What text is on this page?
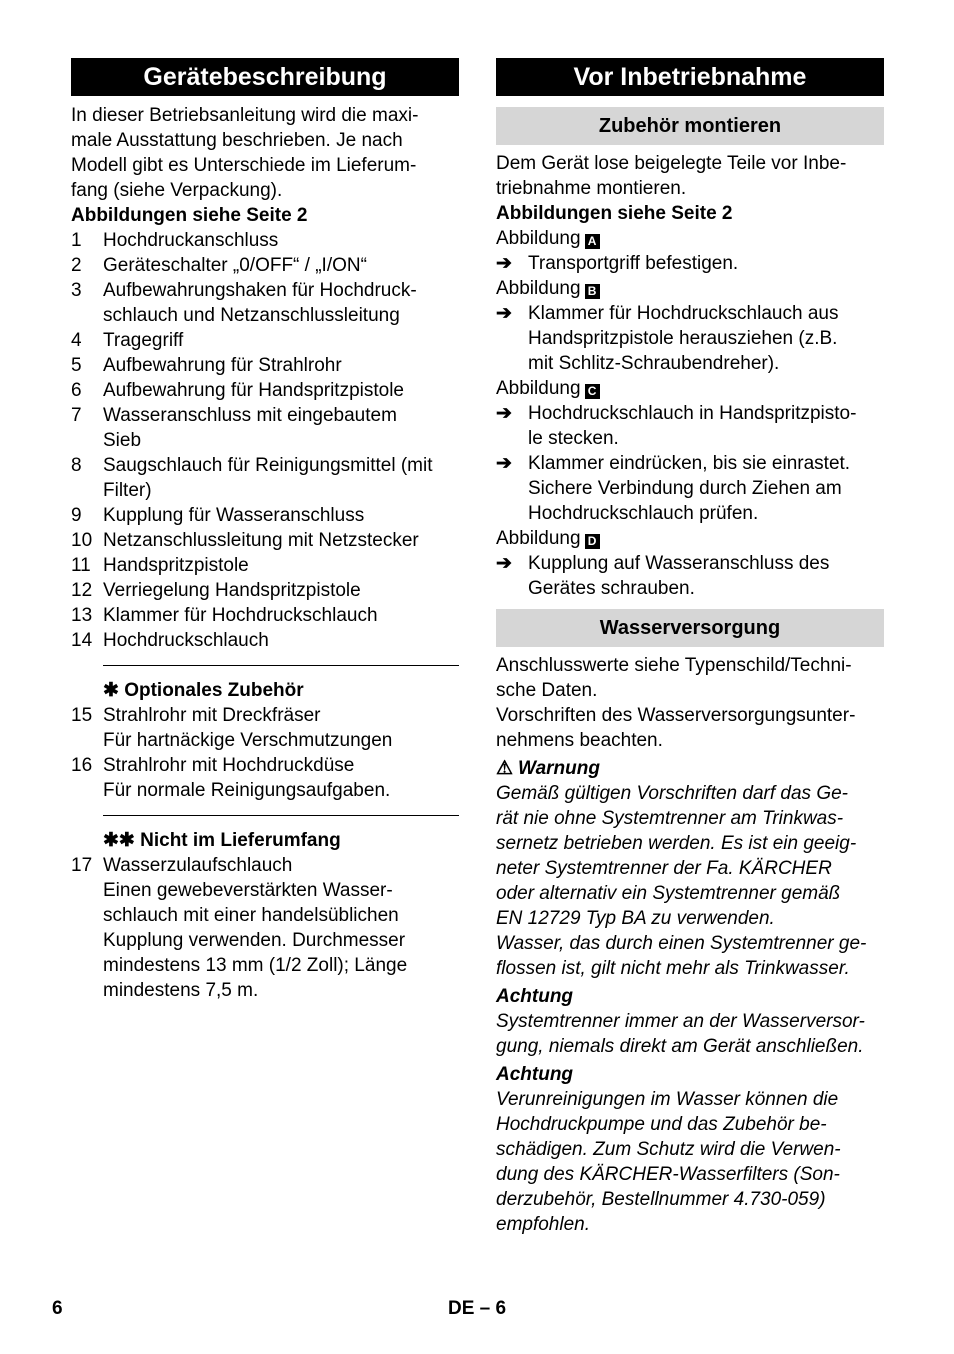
Gerätebeschreibung
In dieser Betriebsanleitung wird die maxi-
male Ausstattung beschrieben. Je nach
Modell gibt es Unterschiede im Lieferum-
fang (siehe Verpackung).
Abbildungen siehe Seite 2
1	Hochdruckanschluss
2	Geräteschalter „0/OFF“ / „I/ON“
3	Aufbewahrungshaken für Hochdruck-
schlauch und Netzanschlussleitung
4	Tragegriff
5	Aufbewahrung für Strahlrohr
6	Aufbewahrung für Handspritzpistole
7	Wasseranschluss mit eingebautem
Sieb
8	Saugschlauch für Reinigungsmittel (mit
Filter)
9	Kupplung für Wasseranschluss
10 Netzanschlussleitung mit Netzstecker
11 Handspritzpistole
12 Verriegelung Handspritzpistole
13 Klammer für Hochdruckschlauch
14 Hochdruckschlauch
✱ Optionales Zubehör
15 Strahlrohr mit Dreckfräser
Für hartnäckige Verschmutzungen
16 Strahlrohr mit Hochdruckdüse
Für normale Reinigungsaufgaben.
✱✱ Nicht im Lieferumfang
17 Wasserzulaufschlauch
Einen gewebeverstärkten Wasser-
schlauch mit einer handelsüblichen
Kupplung verwenden. Durchmesser
mindestens 13 mm (1/2 Zoll); Länge
mindestens 7,5 m.
Vor Inbetriebnahme
Zubehör montieren
Dem Gerät lose beigelegte Teile vor Inbe-
triebnahme montieren.
Abbildungen siehe Seite 2
Abbildung A
➔ Transportgriff befestigen.
Abbildung B
➔ Klammer für Hochdruckschlauch aus
Handspritzpistole herausziehen (z.B.
mit Schlitz-Schraubendreher).
Abbildung C
➔ Hochdruckschlauch in Handspritzpisto-
le stecken.
➔ Klammer eindrücken, bis sie einrastet.
Sichere Verbindung durch Ziehen am
Hochdruckschlauch prüfen.
Abbildung D
➔ Kupplung auf Wasseranschluss des
Gerätes schrauben.
Wasserversorgung
Anschlusswerte siehe Typenschild/Techni-
sche Daten.
Vorschriften des Wasserversorgungsunter-
nehmens beachten.
⚠ Warnung
Gemäß gültigen Vorschriften darf das Ge-
rät nie ohne Systemtrenner am Trinkwas-
sernetz betrieben werden. Es ist ein geeig-
neter Systemtrenner der Fa. KÄRCHER
oder alternativ ein Systemtrenner gemäß
EN 12729 Typ BA zu verwenden.
Wasser, das durch einen Systemtrenner ge-
flossen ist, gilt nicht mehr als Trinkwasser.
Achtung
Systemtrenner immer an der Wasserversor-
gung, niemals direkt am Gerät anschließen.
Achtung
Verunreinigungen im Wasser können die
Hochdruckpumpe und das Zubehör be-
schädigen. Zum Schutz wird die Verwen-
dung des KÄRCHER-Wasserfilters (Son-
derzubehör, Bestellnummer 4.730-059)
empfohlen.
6	DE – 6
